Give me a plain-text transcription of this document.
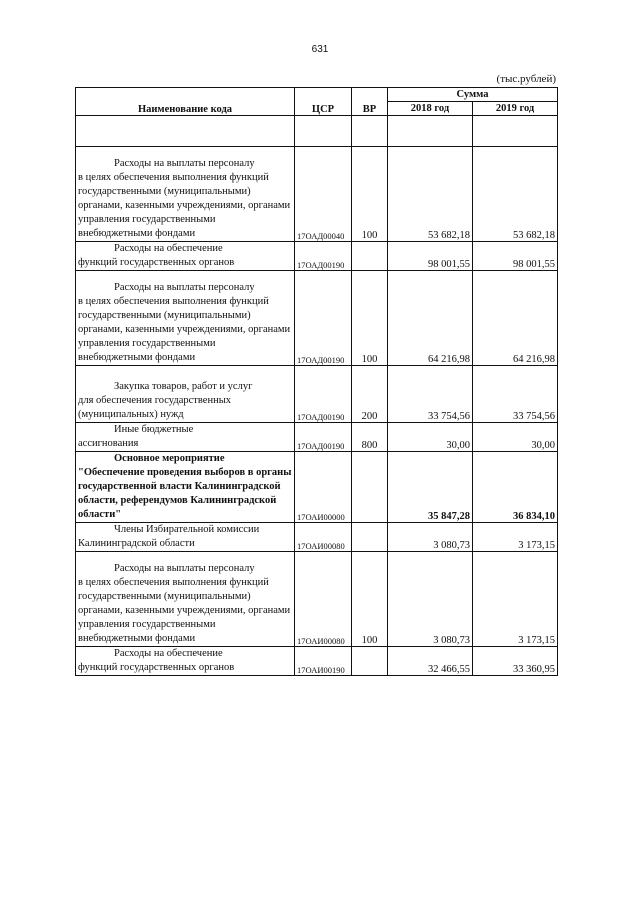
631
(тыс.рублей)
Наименование кода	ЦСР	ВР	Сумма	
			2018 год	2019 год

Расходы на выплаты персоналу
в целях обеспечения выполнения функций государственными (муниципальными) органами, казенными учреждениями, органами управления государственными внебюджетными фондами	17ОАД00040	100	53 682,18	53 682,18

Расходы на обеспечение
функций государственных органов	17ОАД00190		98 001,55	98 001,55

Расходы на выплаты персоналу
в целях обеспечения выполнения функций государственными (муниципальными) органами, казенными учреждениями, органами управления государственными внебюджетными фондами	17ОАД00190	100	64 216,98	64 216,98

Закупка товаров, работ и услуг
для обеспечения государственных (муниципальных) нужд	17ОАД00190	200	33 754,56	33 754,56

Иные бюджетные
ассигнования	17ОАД00190	800	30,00	30,00

Основное мероприятие
"Обеспечение проведения выборов в органы государственной власти Калининградской области, референдумов Калининградской области"	17ОАИ00000		35 847,28	36 834,10

Члены Избирательной комиссии
Калининградской области	17ОАИ00080		3 080,73	3 173,15

Расходы на выплаты персоналу
в целях обеспечения выполнения функций государственными (муниципальными) органами, казенными учреждениями, органами управления государственными внебюджетными фондами	17ОАИ00080	100	3 080,73	3 173,15

Расходы на обеспечение
функций государственных органов	17ОАИ00190		32 466,55	33 360,95
